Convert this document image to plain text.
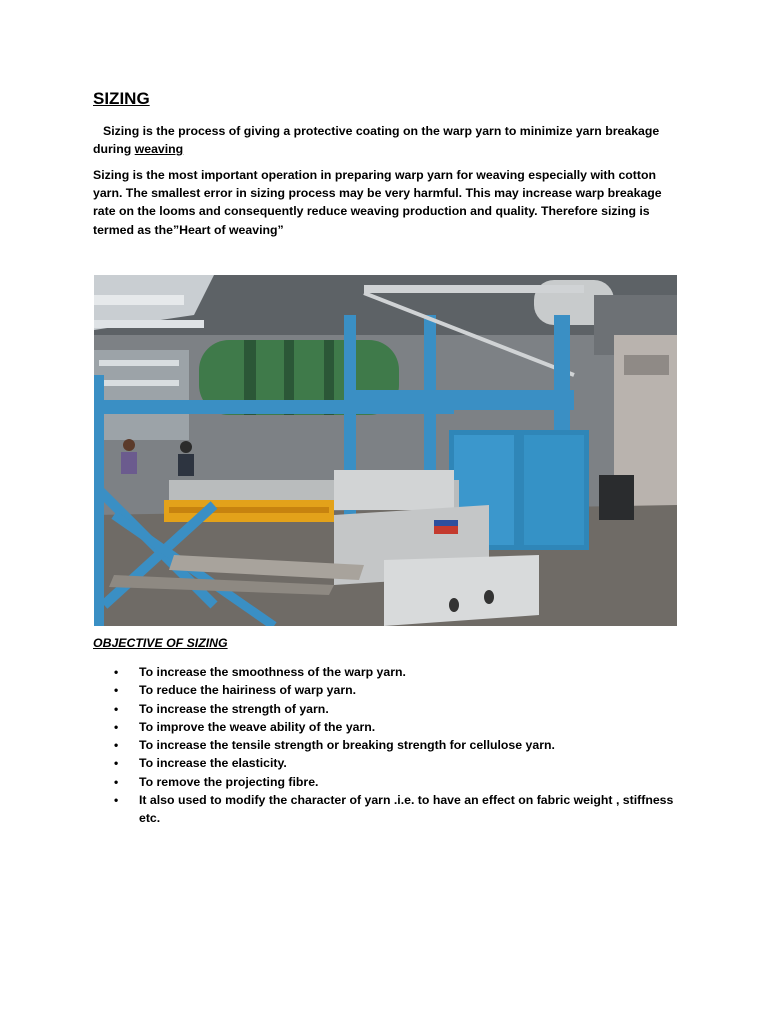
SIZING

Sizing is the process of giving a protective coating on the warp yarn to minimize yarn breakage during weaving

Sizing is the most important operation in preparing warp yarn for weaving especially with cotton yarn. The smallest error in sizing process may be very harmful. This may increase warp breakage rate on the looms and consequently reduce weaving production and quality. Therefore sizing is termed as the”Heart of weaving”

OBJECTIVE OF SIZING

• To increase the smoothness of the warp yarn.
• To reduce the hairiness of warp yarn.
• To increase the strength of yarn.
• To improve the weave ability of the yarn.
• To increase the tensile strength or breaking strength for cellulose yarn.
• To increase the elasticity.
• To remove the projecting fibre.
• It also used to modify the character of yarn .i.e. to have an effect on fabric weight , stiffness etc.
